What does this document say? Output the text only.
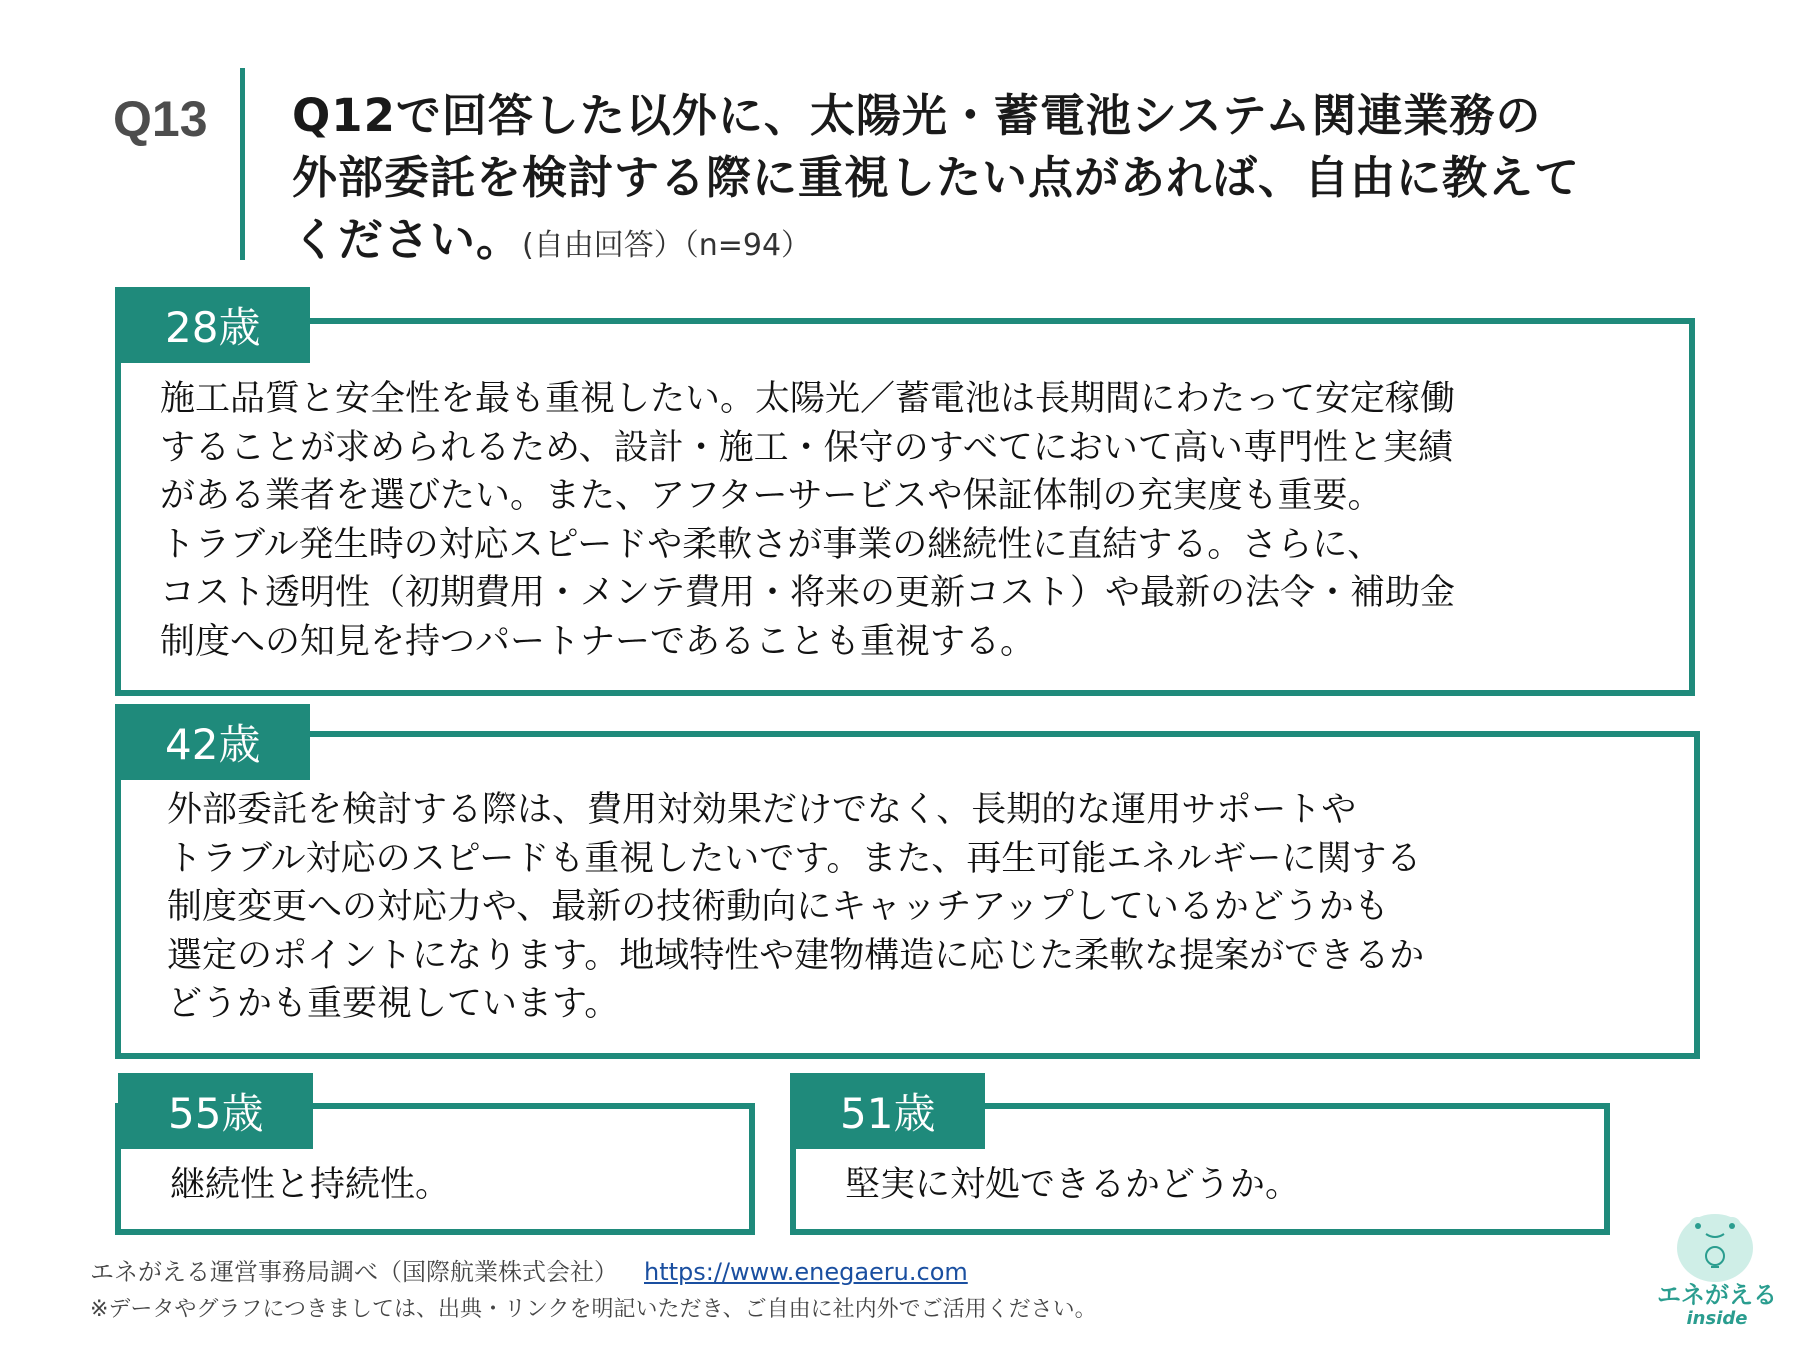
Q13 Q12で回答した以外に、太陽光・蓄電池システム関連業務の
外部委託を検討する際に重視したい点があれば、自由に教えて
ください。(自由回答）（n=94）
28歳
施工品質と安全性を最も重視したい。太陽光／蓄電池は長期間にわたって安定稼働
することが求められるため、設計・施工・保守のすべてにおいて高い専門性と実績
がある業者を選びたい。また、アフターサービスや保証体制の充実度も重要。
トラブル発生時の対応スピードや柔軟さが事業の継続性に直結する。さらに、
コスト透明性（初期費用・メンテ費用・将来の更新コスト）や最新の法令・補助金
制度への知見を持つパートナーであることも重視する。
42歳
外部委託を検討する際は、費用対効果だけでなく、長期的な運用サポートや
トラブル対応のスピードも重視したいです。また、再生可能エネルギーに関する
制度変更への対応力や、最新の技術動向にキャッチアップしているかどうかも
選定のポイントになります。地域特性や建物構造に応じた柔軟な提案ができるか
どうかも重要視しています。
55歳
継続性と持続性。
51歳
堅実に対処できるかどうか。
エネがえる運営事務局調べ（国際航業株式会社） https://www.enegaeru.com
※データやグラフにつきましては、出典・リンクを明記いただき、ご自由に社内外でご活用ください。
エネがえる
inside
